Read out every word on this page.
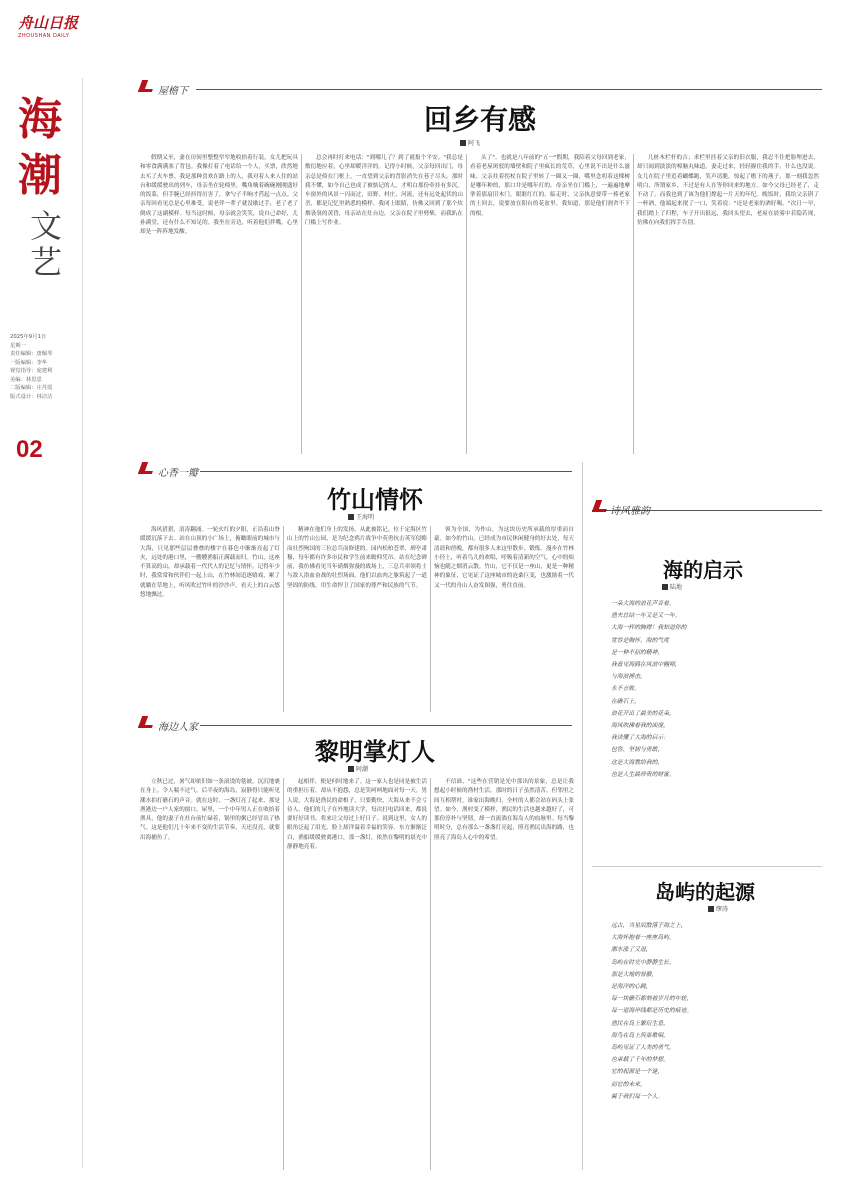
舟山日报
ZHOUSHAN DAILY
海潮
文艺
2025年9月1日
星期一
责任编辑：唐佩琴
一版编辑：李华
视觉指导：庞建利
美编：林思思
二版编辑：庄丹霞
版式设计：林洁洁
02
屋檐下
回乡有感
阿飞
假期又至，妻在房间里整整窄窄地收拾着行装，女儿把玩具和零食满满塞了背包。我像打着了电话给一个人，买票，欣然地去买了火车票。我是那种喜欢在路上的人，我对着人来人往的站台和缓缓驶出的列车，母亲坐在轮椅里，嘴角噙着碗碗刚刚盛好的饭菜，但手腕已经抖得厉害了，拿勺子半晌才舀起一点点。父亲每回看见总是心里难受，说老伴一辈子就没歇过手，老了老了倒成了这副模样。每当这时候，母亲就会笑笑，说自己命好，儿孙满堂，还有什么不知足的。我坐在旁边，听着他们拌嘴，心里却是一阵阵地发酸。
总会再时打来电话："到哪儿了？到了就报个平安。"我总是敷衍地应着，心里却暖洋洋的。记得小时候，父亲每回出门，母亲总是倚在门框上，一直望到父亲的背影消失在巷子尽头。那时我不懂，如今自己也成了被惦记的人，才明白那份牵挂有多沉。车窗外的风景一闪而过，田野、村庄、河流，还有远处起伏的山峦，都是记忆里熟悉的模样。我闭上眼睛，仿佛又回到了那个炊烟袅袅的黄昏，母亲站在灶台边，父亲在院子里劈柴，而我趴在门槛上写作业。
头了"。也就是八年前的"五一"假期，我陪着父母回到老家，看着老屋斑驳的墙壁和院子里疯长的荒草，心里说不出是什么滋味。父亲拄着拐杖在院子里转了一圈又一圈，嘴里念叨着这棵树是哪年种的，那口井是哪年打的。母亲坐在门槛上，一遍遍地摩挲着那扇旧木门，眼眶红红的。临走时，父亲执意要带一捧老家的土回去，说要放在阳台的花盆里。我知道，那是他们割舍不下的根。
几桩木栏杆的吉；求栏里挂着父亲的旧衣服，我忍不住把脸埋进去，却只闻到淡淡的樟脑丸味道。妻走过来，轻轻握住我的手，什么也没说。女儿在院子里追着蝴蝶跑，笑声清脆，惊起了檐下的燕子。那一刻我忽然明白，所谓家乡，不过是有人在等你回来的地方。如今父母已经老了，走不动了，而我也到了该为他们撑起一片天的年纪。晚饭时，我给父亲斟了一杯酒，他端起来抿了一口，笑着说："还是老家的酒好喝。"次日一早，我们踏上了归程，车子开出很远，我回头望去，老屋在晨雾中若隐若现，仿佛在向我们挥手告别。
心香一瓣
竹山情怀
王海明
海风猎猎，浪涛翻涌。一轮火红的夕阳，正沿着山脊缓缓沉落下去。站在山顶的小广场上，俯瞰眼前的城市与大海，只见那些层层叠叠的楼宇在暮色中渐渐亮起了灯火，远处的港口里，一艘艘渔船正满载而归。竹山，这座不算高的山，却承载着一代代人的记忆与情怀。记得年少时，我常常和伙伴们一起上山，在竹林间追逐嬉戏，累了就躺在草地上，听风吹过竹叶的沙沙声，看天上的白云悠悠地飘过。
精神在他们身上的发扬，从此被铭记。位于定海区竹山上的竹山公园，是为纪念鸦片战争中英勇抗击英军侵略而壮烈殉国的三位总兵而修建的。园内松柏苍翠，碑亭肃穆，每年都有许多市民和学生前来瞻仰凭吊。站在纪念碑前，我仿佛看见当年硝烟弥漫的战场上，三总兵率领将士与敌人浴血奋战的壮烈场面。他们以血肉之躯筑起了一道坚固的防线，用生命捍卫了国家的尊严和民族的气节。
领为全国，为作山，为这块历史所承载的厚重而自豪。如今的竹山，已经成为市民休闲健身的好去处，每天清晨和傍晚，都有很多人来这里散步、锻炼。漫步在竹林小径上，听着鸟儿的欢唱，呼吸着清新的空气，心中的烦恼也随之烟消云散。竹山，它不仅是一座山，更是一种精神的象征，它见证了这座城市的沧桑巨变，也激励着一代又一代的舟山人奋发图强，勇往直前。
海边人家
黎明掌灯人
阿潮
立秋已过，暑气却依旧如一条滚烫的毯被，沉沉地裹在身上。令人喘不过气。后半夜的海岛，寂静得只能听见潮水拍打礁石的声音。就在这时，一盏灯亮了起来，那是渔港边一户人家的窗口。屋里，一个中年男人正在收拾着渔具，他的妻子在灶台前忙碌着，锅里的粥已经冒出了热气。这是他们几十年来不变的生活节奏，天还没亮，就要出海捕鱼了。
起相伴，便是何时地来了。这一家人也是同是被生活的重担压着，却从不抱怨，总是笑呵呵地面对每一天。男人说，大海是渔民的命根子，只要勤快，大海从来不会亏待人。他们的儿子在外地读大学，每次打电话回来，都说要好好读书，将来让父母过上好日子。说到这里，女人的眼角泛起了泪光，脸上却洋溢着幸福的笑容。东方渐渐泛白，渔船缓缓驶离港口，那一盏灯，依然在黎明的晨光中静静地亮着。
不信谁，"这些在营销是光中那出的景象，总是让我想起小时候的渔村生活。那时的日子虽然清苦，但邻里之间互相帮衬，谁家出海晚归，全村的人都会站在码头上张望。如今，渔村变了模样，渔民的生活也越来越好了，可那份淳朴与坚韧，却一直流淌在海岛人的血脉里。每当黎明时分，总有那么一盏盏灯亮起，照亮渔民出海的路，也照亮了海岛人心中的希望。
诗风雅韵
海的启示
陆地

一朵大海的浪花声音着，

渔夫总结一年又是又一年。

大海一样的胸襟！我知道你的

宽容是胸怀。海的气度

是一种不屈的精神，

我看见海鸥在风浪中翱翔，

与海浪搏击，

永不言败。

在礁石上，

浪花开出了最美的花朵，

海风吹拂着我的面庞，

我读懂了大海的启示：

包容、坚韧与勇敢，

这是大海教给我的，

也是人生最珍贵的财富。

岛屿的起源
缪涛

远古，当星辰散落于海之上，

大海怀抱着一座座岛屿，

潮水涨了又退，

岛屿在时光中静静生长。

那是大地的骨骼，

是海洋的心跳，

每一块礁石都刻着岁月的年轮，

每一道海岸线都是历史的痕迹。

渔民在岛上繁衍生息，

海鸟在岛上筑巢歌唱，

岛屿见证了人类的勇气，

也承载了千年的梦想。

它的起源是一个谜，

而它的未来，

属于我们每一个人。
